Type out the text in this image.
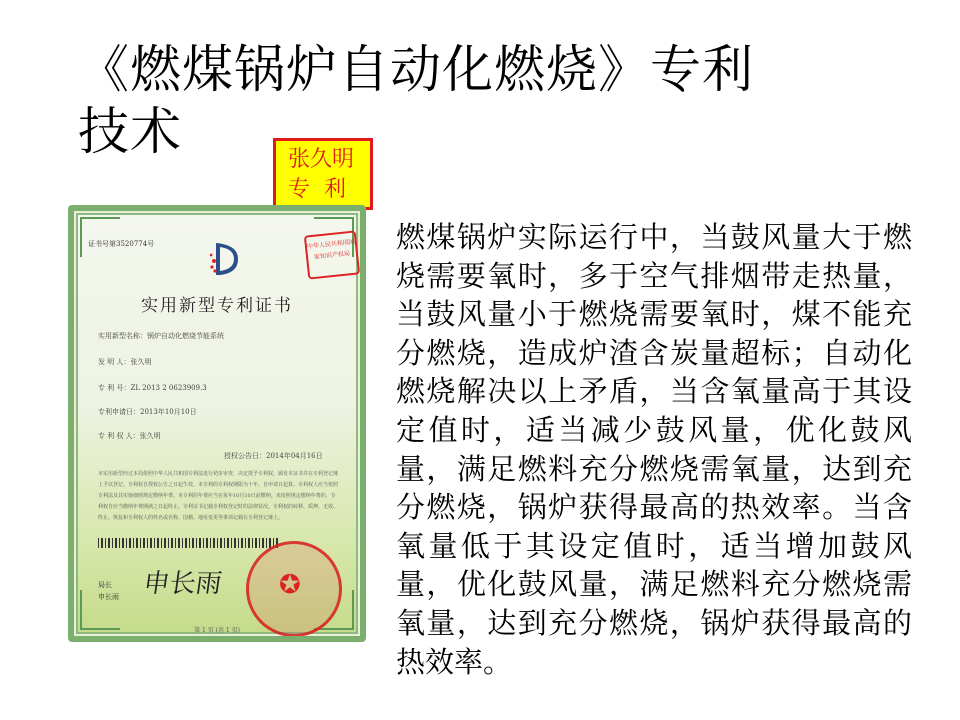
《燃煤锅炉自动化燃烧》专利
技术	张久明
专  利
证书号第3520774号	中华人民共和国国家知识产权局
实用新型专利证书
实用新型名称：锅炉自动化燃烧节能系统
发 明 人：张久明
专 利 号：ZL 2013 2 0623909.3
专利申请日：2013年10月10日
专 利 权 人：张久明
授权公告日：2014年04月16日
本实用新型经过本局依照中华人民共和国专利法进行初步审查，决定授予专利权，颁发本证书并在专利登记簿上予以登记。专利权自授权公告之日起生效。本专利的专利权期限为十年，自申请日起算。专利权人应当依照专利法及其实施细则规定缴纳年费。本专利的年费应当在每年10月10日前缴纳。未按照规定缴纳年费的，专利权自应当缴纳年费期满之日起终止。专利证书记载专利权登记时的法律状况。专利权的转移、质押、无效、终止、恢复和专利权人的姓名或名称、国籍、地址变更等事项记载在专利登记簿上。
局长
申长雨 申长雨 ✪
第 1 页 (共 1 页)
燃煤锅炉实际运行中，当鼓风量大于燃烧需要氧时，多于空气排烟带走热量，当鼓风量小于燃烧需要氧时，煤不能充分燃烧，造成炉渣含炭量超标；自动化燃烧解决以上矛盾，当含氧量高于其设定值时，适当减少鼓风量，优化鼓风量，满足燃料充分燃烧需氧量，达到充分燃烧，锅炉获得最高的热效率。当含氧量低于其设定值时，适当增加鼓风量，优化鼓风量，满足燃料充分燃烧需氧量，达到充分燃烧，锅炉获得最高的热效率。
